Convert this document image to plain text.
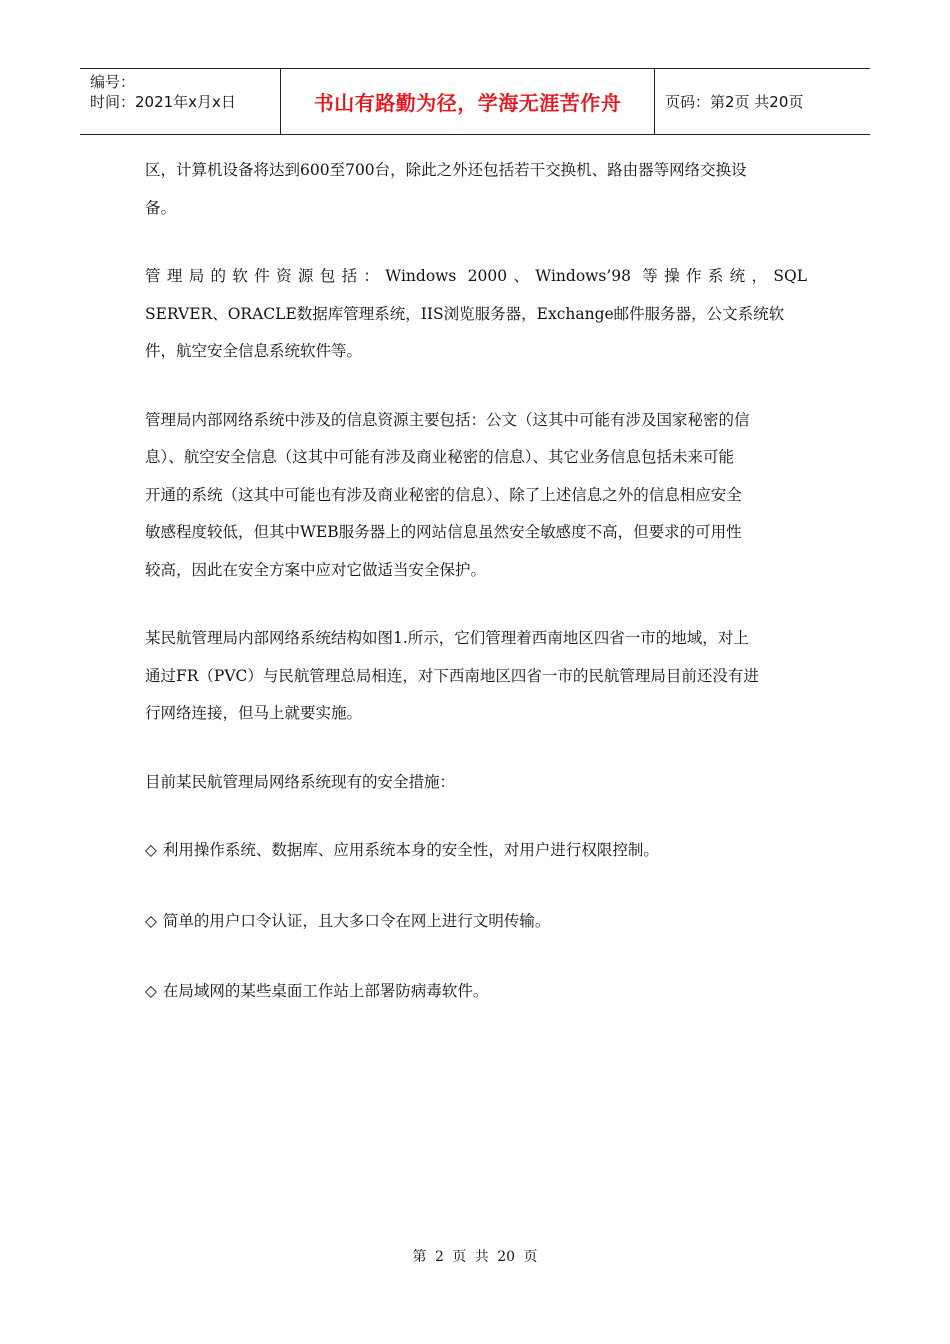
编号：
时间：2021年x月x日	书山有路勤为径，学海无涯苦作舟	页码：第2页 共20页
区，计算机设备将达到600至700台，除此之外还包括若干交换机、路由器等网络交换设
备。
管理局的软件资源包括：Windows 2000、Windows’98 等操作系统，SQL
SERVER、ORACLE数据库管理系统，IIS浏览服务器，Exchange邮件服务器，公文系统软
件，航空安全信息系统软件等。
管理局内部网络系统中涉及的信息资源主要包括：公文（这其中可能有涉及国家秘密的信
息）、航空安全信息（这其中可能有涉及商业秘密的信息）、其它业务信息包括未来可能
开通的系统（这其中可能也有涉及商业秘密的信息）、除了上述信息之外的信息相应安全
敏感程度较低，但其中WEB服务器上的网站信息虽然安全敏感度不高，但要求的可用性
较高，因此在安全方案中应对它做适当安全保护。
某民航管理局内部网络系统结构如图1.所示，它们管理着西南地区四省一市的地域，对上
通过FR（PVC）与民航管理总局相连，对下西南地区四省一市的民航管理局目前还没有进
行网络连接，但马上就要实施。
目前某民航管理局网络系统现有的安全措施：
◇ 利用操作系统、数据库、应用系统本身的安全性，对用户进行权限控制。
◇ 简单的用户口令认证，且大多口令在网上进行文明传输。
◇ 在局域网的某些桌面工作站上部署防病毒软件。
第 2 页 共 20 页
